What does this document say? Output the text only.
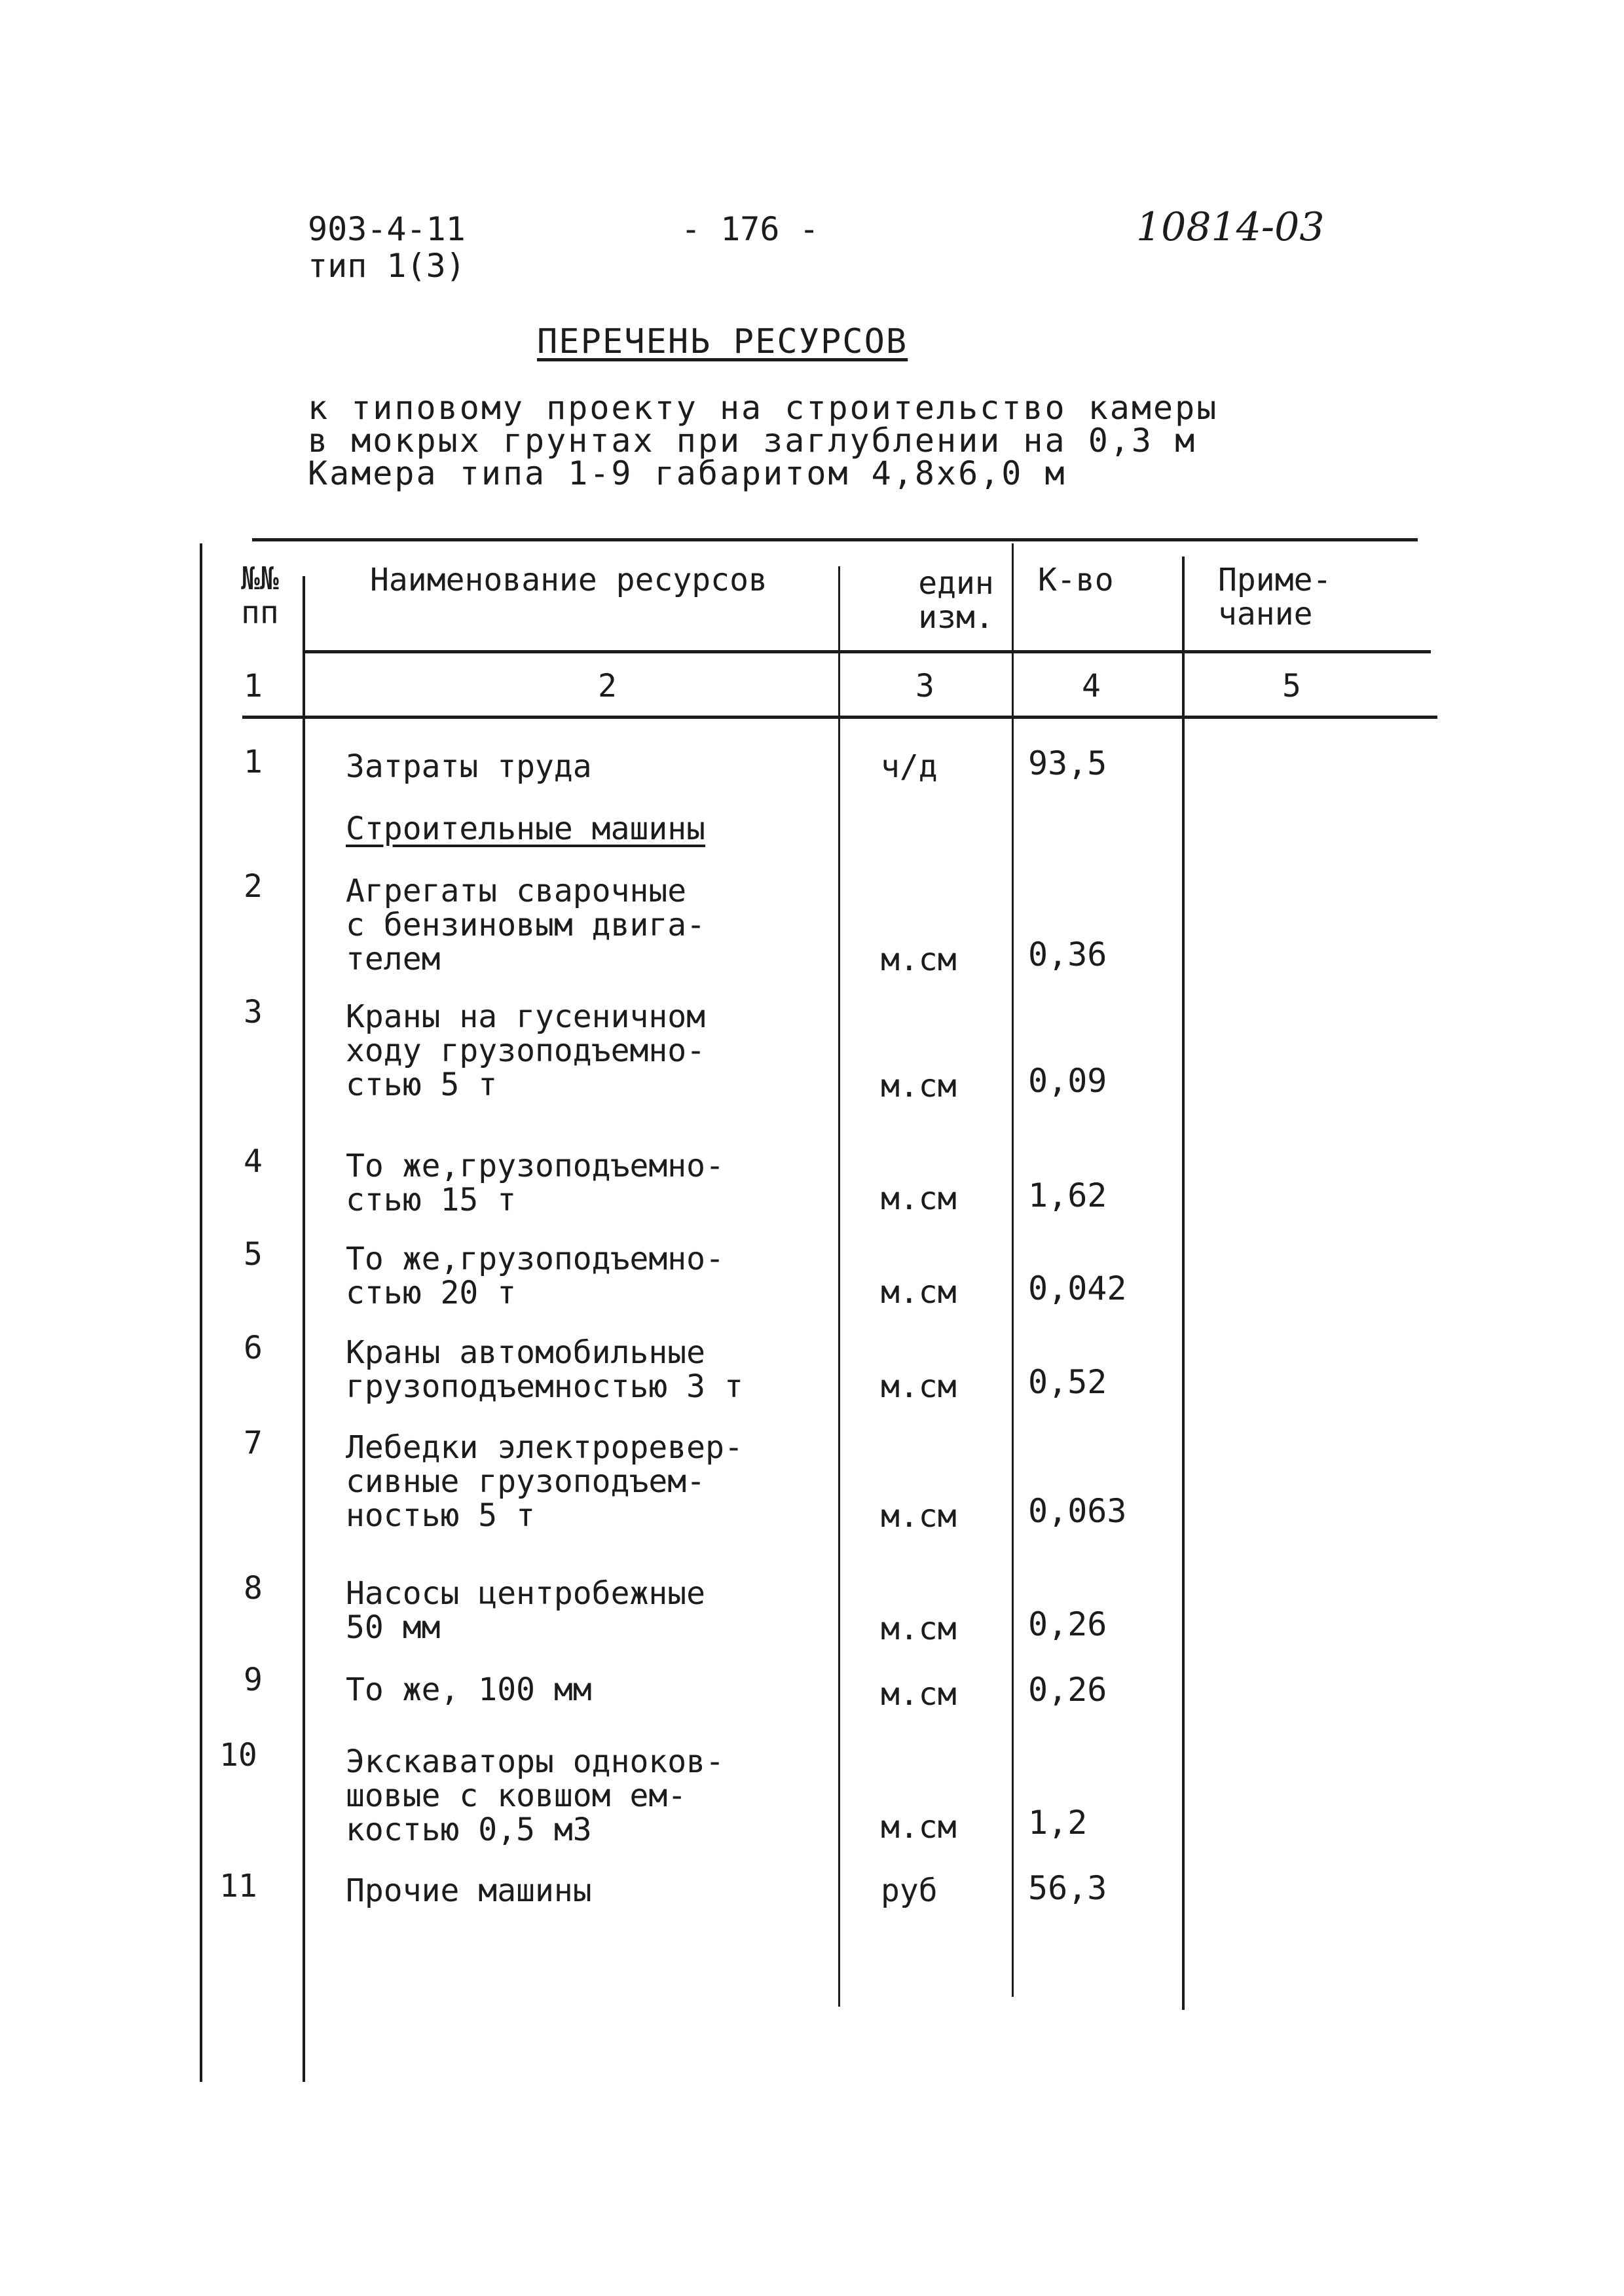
903-4-11
тип 1(3)
- 176 -	10814-03
ПЕРЕЧЕНЬ РЕСУРСОВ
к типовому проекту на строительство камеры
в мокрых грунтах при заглублении на 0,3 м
Камера типа 1-9 габаритом 4,8х6,0 м
№№ пп
Наименование ресурсов	един изм.
К-во	Приме- чание
1	2	3	4	5
1	Затраты труда	ч/д	93,5
Строительные машины
2	Агрегаты сварочные
с бензиновым двига-
телем	м.см 0,36
3	Краны на гусеничном
ходу грузоподъемно-
стью 5 т	м.см 0,09
4	То же,грузоподъемно-
стью 15 т	м.см 1,62
5	То же,грузоподъемно-
стью 20 т	м.см 0,042
6	Краны автомобильные
грузоподъемностью 3 т	м.см 0,52
7	Лебедки электроревер-
сивные грузоподъем-
ностью 5 т	м.см 0,063
8	Насосы центробежные
50 мм	м.см 0,26
9	То же, 100 мм	м.см 0,26
10	Экскаваторы одноков-
шовые с ковшом ем-
костью 0,5 м3	м.см 1,2
11	Прочие машины	руб	56,3
